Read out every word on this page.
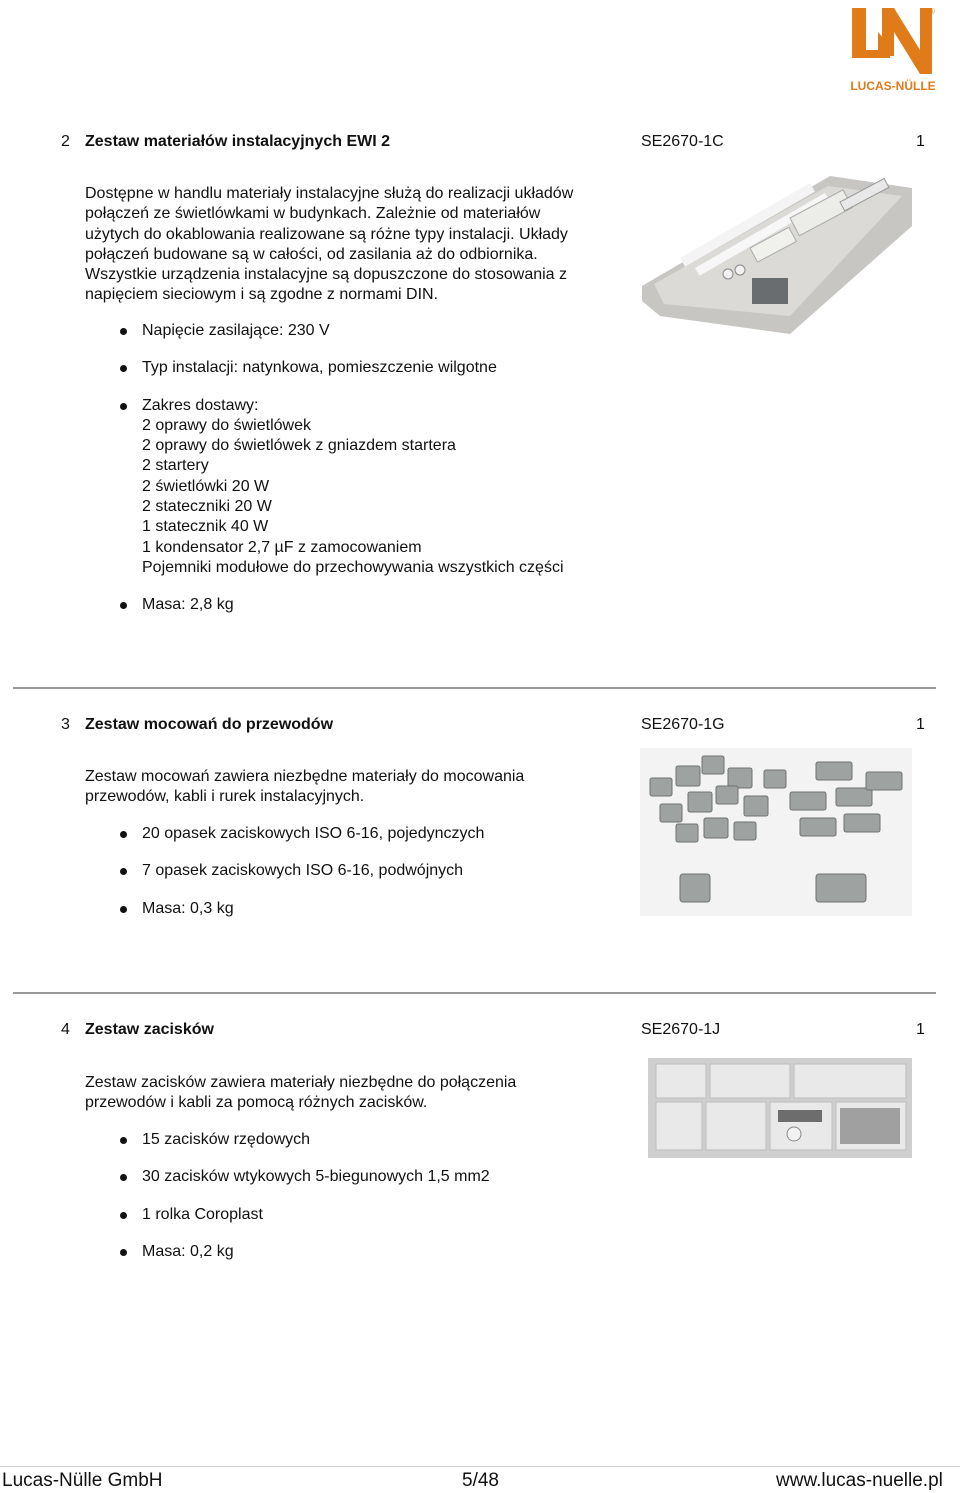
®
LUCAS-NÜLLE
2 Zestaw materiałów instalacyjnych EWI 2	SE2670-1C	1
Dostępne w handlu materiały instalacyjne służą do realizacji układów
połączeń ze świetlówkami w budynkach. Zależnie od materiałów
użytych do okablowania realizowane są różne typy instalacji. Układy
połączeń budowane są w całości, od zasilania aż do odbiornika.
Wszystkie urządzenia instalacyjne są dopuszczone do stosowania z
napięciem sieciowym i są zgodne z normami DIN.
Napięcie zasilające: 230 V
Typ instalacji: natynkowa, pomieszczenie wilgotne
Zakres dostawy:
2 oprawy do świetlówek
2 oprawy do świetlówek z gniazdem startera
2 startery
2 świetlówki 20 W
2 stateczniki 20 W
1 statecznik 40 W
1 kondensator 2,7 µF z zamocowaniem
Pojemniki modułowe do przechowywania wszystkich części
Masa: 2,8 kg
3 Zestaw mocowań do przewodów	SE2670-1G	1
Zestaw mocowań zawiera niezbędne materiały do mocowania
przewodów, kabli i rurek instalacyjnych.
20 opasek zaciskowych ISO 6-16, pojedynczych
7 opasek zaciskowych ISO 6-16, podwójnych
Masa: 0,3 kg
4 Zestaw zacisków	SE2670-1J	1
Zestaw zacisków zawiera materiały niezbędne do połączenia
przewodów i kabli za pomocą różnych zacisków.
15 zacisków rzędowych
30 zacisków wtykowych 5-biegunowych 1,5 mm2
1 rolka Coroplast
Masa: 0,2 kg
Lucas-Nülle GmbH	5/48	www.lucas-nuelle.pl
